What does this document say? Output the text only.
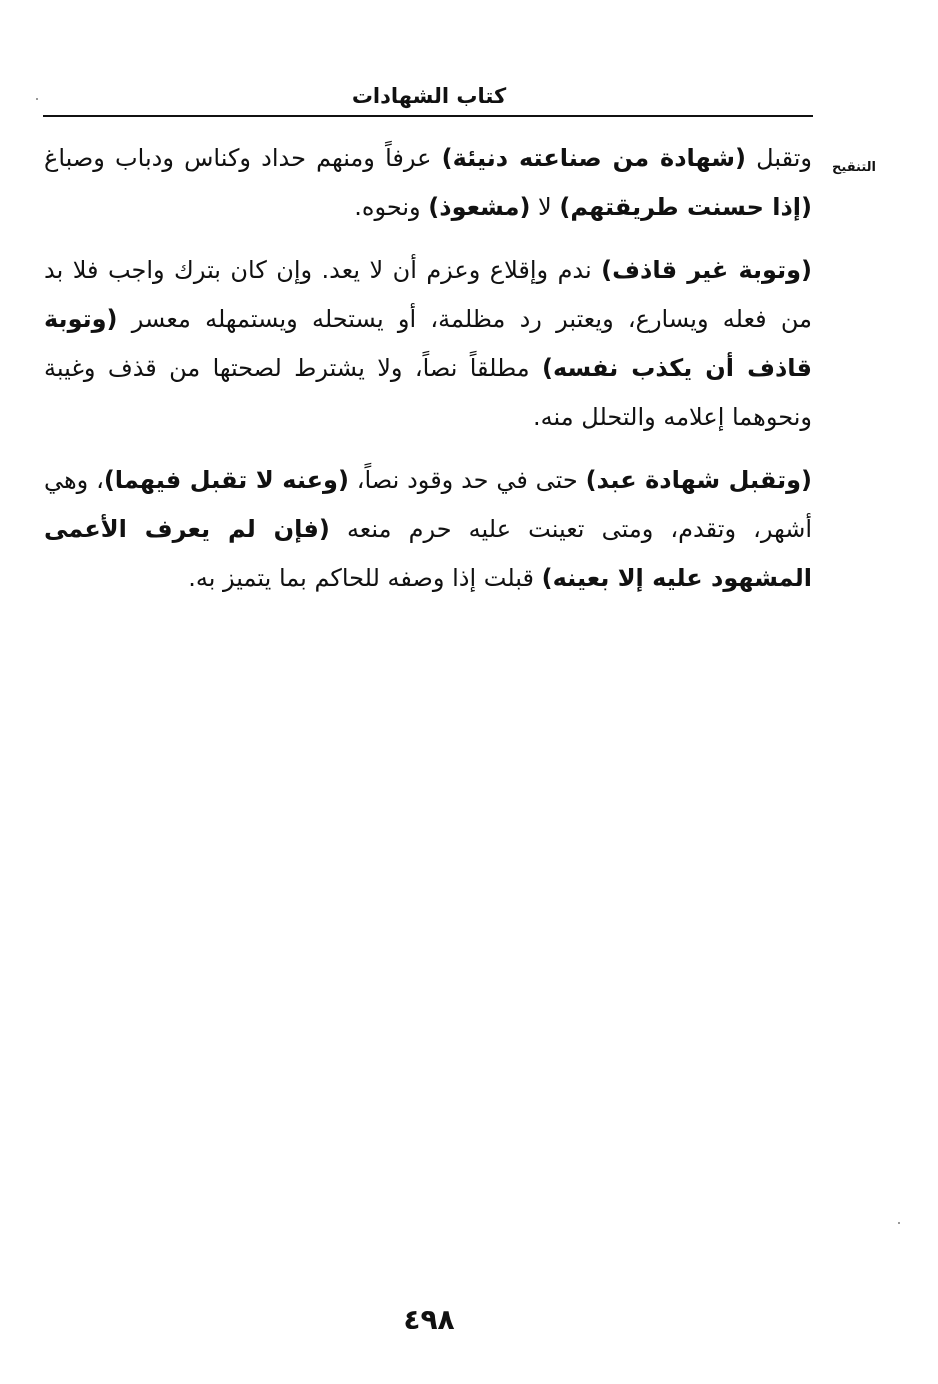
كتاب الشهادات
التنقيح

وتقبل (شهادة من صناعته دنيئة) عرفاً ومنهم حداد وكناس ودباب وصباغ (إذا حسنت طريقتهم) لا (مشعوذ) ونحوه.

(وتوبة غير قاذف) ندم وإقلاع وعزم أن لا يعد. وإن كان بترك واجب فلا بد من فعله ويسارع، ويعتبر رد مظلمة، أو يستحله ويستمهله معسر (وتوبة قاذف أن يكذب نفسه) مطلقاً نصاً، ولا يشترط لصحتها من قذف وغيبة ونحوهما إعلامه والتحلل منه.

(وتقبل شهادة عبد) حتى في حد وقود نصاً، (وعنه لا تقبل فيهما)، وهي أشهر، وتقدم، ومتى تعينت عليه حرم منعه (فإن لم يعرف الأعمى المشهود عليه إلا بعينه) قبلت إذا وصفه للحاكم بما يتميز به.

٤٩٨
